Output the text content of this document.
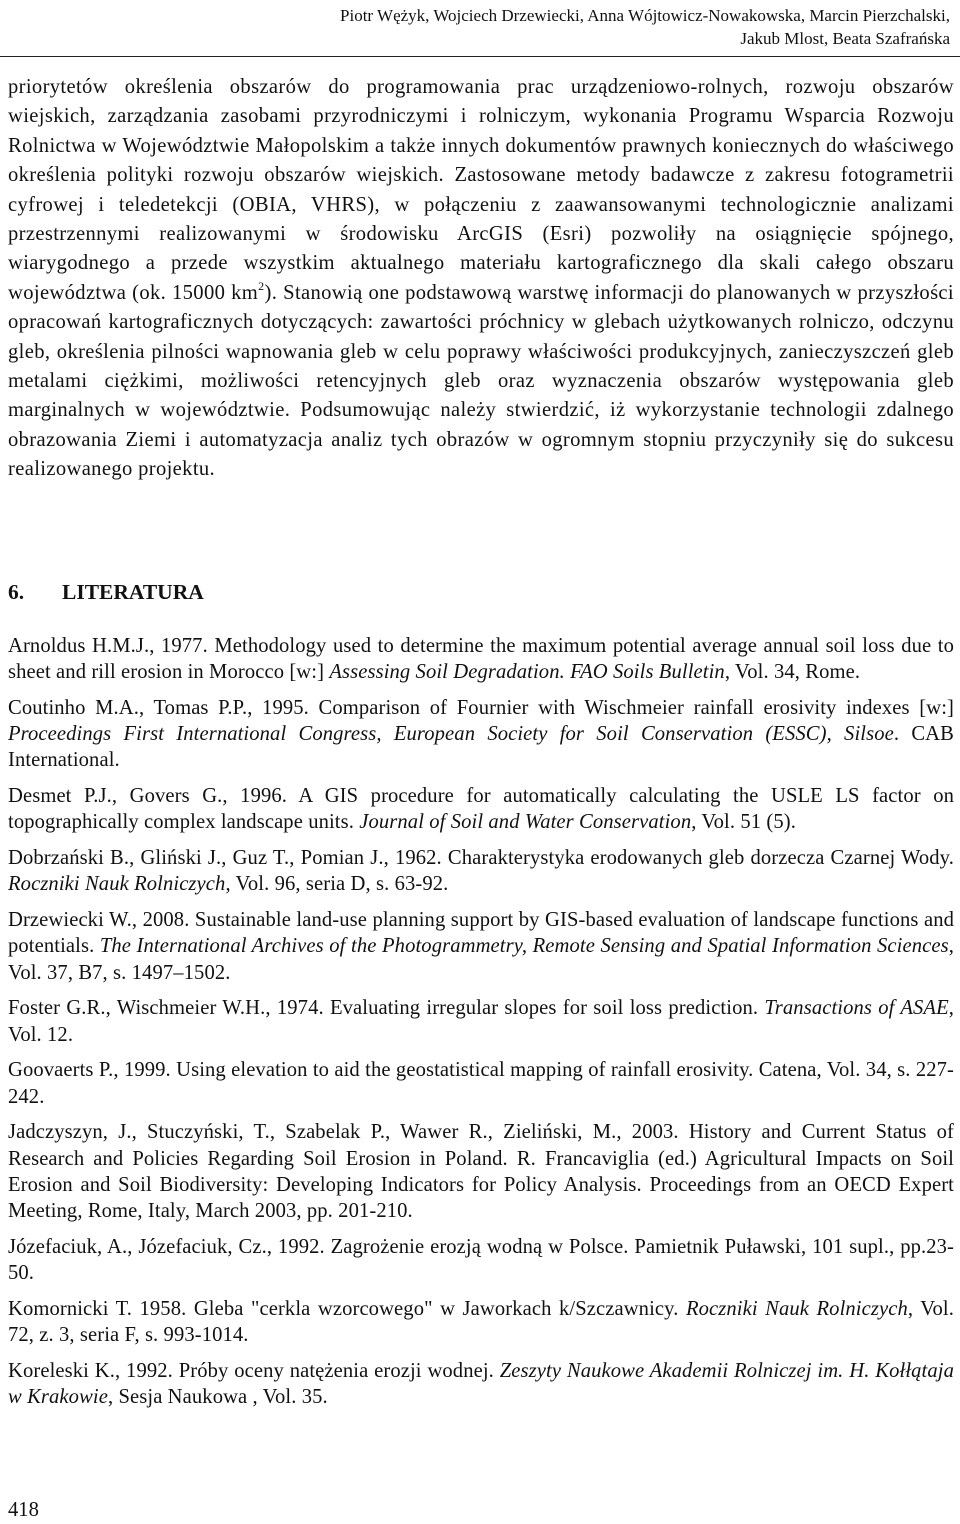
Piotr Wężyk, Wojciech Drzewiecki, Anna Wójtowicz-Nowakowska, Marcin Pierzchalski,
Jakub Mlost, Beata Szafrańska
priorytetów określenia obszarów do programowania prac urządzeniowo-rolnych, rozwoju obszarów wiejskich, zarządzania zasobami przyrodniczymi i rolniczym, wykonania Programu Wsparcia Rozwoju Rolnictwa w Województwie Małopolskim a także innych dokumentów prawnych koniecznych do właściwego określenia polityki rozwoju obszarów wiejskich. Zastosowane metody badawcze z zakresu fotogrametrii cyfrowej i teledetekcji (OBIA, VHRS), w połączeniu z zaawansowanymi technologicznie analizami przestrzennymi realizowanymi w środowisku ArcGIS (Esri) pozwoliły na osiągnięcie spójnego, wiarygodnego a przede wszystkim aktualnego materiału kartograficznego dla skali całego obszaru województwa (ok. 15000 $km^2$). Stanowią one podstawową warstwę informacji do planowanych w przyszłości opracowań kartograficznych dotyczących: zawartości próchnicy w glebach użytkowanych rolniczo, odczynu gleb, określenia pilności wapnowania gleb w celu poprawy właściwości produkcyjnych, zanieczyszczeń gleb metalami ciężkimi, możliwości retencyjnych gleb oraz wyznaczenia obszarów występowania gleb marginalnych w województwie. Podsumowując należy stwierdzić, iż wykorzystanie technologii zdalnego obrazowania Ziemi i automatyzacja analiz tych obrazów w ogromnym stopniu przyczyniły się do sukcesu realizowanego projektu.
6. LITERATURA

Arnoldus H.M.J., 1977. Methodology used to determine the maximum potential average annual soil loss due to sheet and rill erosion in Morocco [w:] Assessing Soil Degradation. FAO Soils Bulletin, Vol. 34, Rome.

Coutinho M.A., Tomas P.P., 1995. Comparison of Fournier with Wischmeier rainfall erosivity indexes [w:] Proceedings First International Congress, European Society for Soil Conservation (ESSC), Silsoe. CAB International.

Desmet P.J., Govers G., 1996. A GIS procedure for automatically calculating the USLE LS factor on topographically complex landscape units. Journal of Soil and Water Conservation, Vol. 51 (5).

Dobrzański B., Gliński J., Guz T., Pomian J., 1962. Charakterystyka erodowanych gleb dorzecza Czarnej Wody. Roczniki Nauk Rolniczych, Vol. 96, seria D, s. 63-92.

Drzewiecki W., 2008. Sustainable land-use planning support by GIS-based evaluation of landscape functions and potentials. The International Archives of the Photogrammetry, Remote Sensing and Spatial Information Sciences, Vol. 37, B7, s. 1497–1502.

Foster G.R., Wischmeier W.H., 1974. Evaluating irregular slopes for soil loss prediction. Transactions of ASAE, Vol. 12.

Goovaerts P., 1999. Using elevation to aid the geostatistical mapping of rainfall erosivity. Catena, Vol. 34, s. 227-242.

Jadczyszyn, J., Stuczyński, T., Szabelak P., Wawer R., Zieliński, M., 2003. History and Current Status of Research and Policies Regarding Soil Erosion in Poland. R. Francaviglia (ed.) Agricultural Impacts on Soil Erosion and Soil Biodiversity: Developing Indicators for Policy Analysis. Proceedings from an OECD Expert Meeting, Rome, Italy, March 2003, pp. 201-210.

Józefaciuk, A., Józefaciuk, Cz., 1992. Zagrożenie erozją wodną w Polsce. Pamietnik Puławski, 101 supl., pp.23-50.

Komornicki T. 1958. Gleba "cerkla wzorcowego" w Jaworkach k/Szczawnicy. Roczniki Nauk Rolniczych, Vol. 72, z. 3, seria F, s. 993-1014.

Koreleski K., 1992. Próby oceny natężenia erozji wodnej. Zeszyty Naukowe Akademii Rolniczej im. H. Kołłątaja w Krakowie, Sesja Naukowa , Vol. 35.

418
